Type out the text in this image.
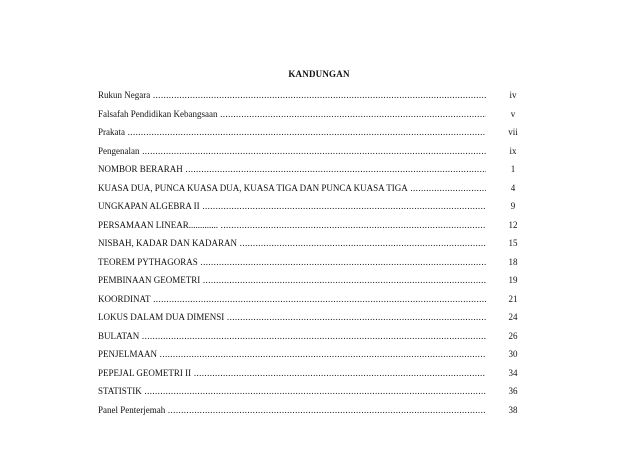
KANDUNGAN
Rukun Negara .....	iv
Falsafah Pendidikan Kebangsaan .....	v
Prakata .....	vii
Pengenalan .....	ix
NOMBOR BERARAH .....	1
KUASA DUA, PUNCA KUASA DUA, KUASA TIGA DAN PUNCA KUASA TIGA .....	4
UNGKAPAN ALGEBRA II .....	9
PERSAMAAN LINEAR............. .....	12
NISBAH, KADAR DAN KADARAN .....	15
TEOREM PYTHAGORAS .....	18
PEMBINAAN GEOMETRI .....	19
KOORDINAT .....	21
LOKUS DALAM DUA DIMENSI .....	24
BULATAN .....	26
PENJELMAAN .....	30
PEPEJAL GEOMETRI II .....	34
STATISTIK .....	36
Panel Penterjemah .....	38
